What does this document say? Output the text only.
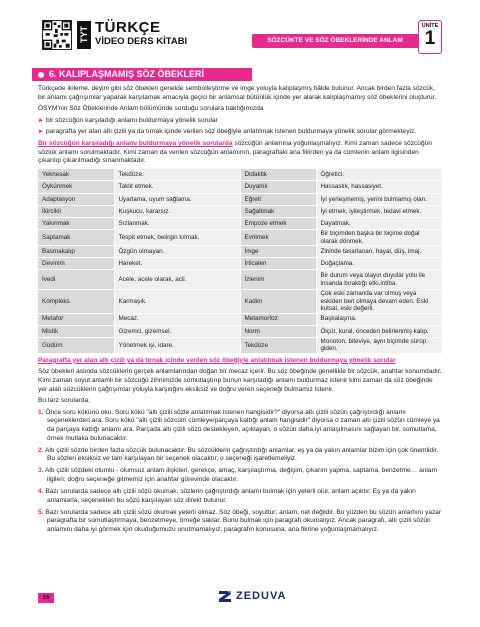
TYT TÜRKÇE
VİDEO DERS KİTABI	SÖZCÜKTE VE SÖZ ÖBEKLERİNDE ANLAM
ÜNİTE
1
6. KALIPLAŞMAMIŞ SÖZ ÖBEKLERİ

Türkçede ikileme, deyim gibi söz öbekleri genelde sembolleştirme ve imge yoluyla kalıplaşmış hâlde bulunur. Ancak birden fazla sözcük, bir anlamı çağrışımlar yaparak karşılamak amacıyla geçici bir anlamsal bütünlük içinde yer alarak kalıplaşmamış söz öbeklerini oluşturur.

ÖSYM'nin Söz Öbeklerinde Anlam bölümünde sorduğu sorulara baktığımızda

► bir sözcüğün karşıladığı anlamı buldurmaya yönelik sorular

► paragrafta yer alan altı çizili ya da tırnak içinde verilen söz öbeğiyle anlatılmak istenen buldurmaya yönelik sorular görmekteyiz.

Bir sözcüğün karşıladığı anlamı buldurmaya yönelik sorularda sözcüğün anlamına yoğunlaşmalıyız. Kimi zaman sadece sözcüğün sözlük anlamı sorulmaktadır. Kimi zaman da verilen sözcüğün anlamının, paragraftaki ana fikirden ya da cümlenin anlam ilgisinden çıkarılıp çıkarılmadığı sınanmaktadır.

Yeknesak	Tekdüze.	Didaktik	Öğretici.
Öykünmek	Taklit etmek.	Duyarlık	Hassaslık, hassasiyet.
Adaptasyon	Uyarlama, uyum sağlama.	Eğreti	İyi yerleşmemiş, yerini bulmamış olan.
İkircikli	Kuşkucu, kararsız.	Sağaltmak	İyi etmek, iyileştirmek, tedavi etmek.
Yakınmak	Sızlanmak.	Empoze etmek	Dayatmak.
Saptamak	Tespit etmek, belirgin kılmak.	Evrilmek	Bir biçimden başka bir biçime doğal olarak dönmek.
Basmakalıp	Özgün olmayan.	İmge	Zihinde tasarlanan, hayal, düş, imaj.
Devinim	Hareket.	İrticalen	Doğaçlama.
İvedi	Acele, acele olarak, acil.	İzlenim	Bir durum veya olayın duyular yolu ile insanda bıraktığı etki,intiba.
Kompleks	Karmaşık.	Kadim	Çok eski zamanda var olmuş veya eskiden beri olmaya devam eden. Eski kutsal, eski değerli.
Metafor	Mecaz.	Metamorfoz	Başkalaşma.
Mistik	Gizemci, gizemsel.	Norm	Ölçüt, kural, önceden belirlenmiş kalıp.
Güdüm	Yönetmek işi, idare.	Tekdüze	Monoton, biteviye, aynı biçimde sürüp giden.

Paragrafta yer alan altı çizili ya da tırnak içinde verilen söz öbeğiyle anlatılmak istenen buldurmaya yönelik sorular

Söz öbekleri aslında sözcüklerin gerçek anlamlarından doğan bir mecaz içerir. Bu söz öbeğinde genellikle bir sözcük, anahtar konumdadır. Kimi zaman soyut anlamlı bir sözcüğü zihnimizde somutlaştırıp bunun karşıladığı anlamı buldurmaz istenir kimi zaman da söz öbeğinde yer alan sözcüklerin çağrışımlar yoluyla karşılığını eksiksiz ve doğru veren seçeneği bulmamız istenir.

Bu tarz sorularda;

1. Önce soru kökünü oku. Soru kökü "altı çizili sözle anlatılmak istenen hangisidir?" diyorsa altı çizili sözün çağrıştırdığı anlamı seçeneklerden ara. Soru kökü "altı çizili sözcüm cümleye/parçaya kattığı anlam hangisidir" diyorsa o zaman altı çizili sözün cümleye ya da parçaya kattığı anlamı ara. Parçada altı çizili sözü destekleyen, açıklayan, o sözün daha iyi anlaşılmasını sağlayan bir, somutlama, örnek mutlaka bulunacaktır.
2. Altı çizili sözde birden fazla sözcük bulunacaktır. Bu sözcüklerin çağrıştırdığı anlamlar, eş ya da yakın anlamlar bizim için çok önemlidir. Bu sözleri eksiksiz ve tam karşılayan bir seçenek olacaktır, o seçeneği işaretlemeliyiz.
3. Altı çizili sözdeki olumlu - olumsuz anlam ilişkileri, gerekçe, amaç, karşılaştırma, değişim, çıkarım yapma, saptama, benzetme… anlam ilgileri; doğru seçeneğe gitmemiz için anahtar görevinde olacaktır.
4. Bazı sorularda sadece altı çizili sözü okumak, sözlerin çağrıştırdığı anlamı bulmak için yeterli olur, anlam açıktır. Eş ya da yakın anlamlarla, seçenekten bu sözü karşılayan söz direkt bulunur.
5. Bazı sorularda sadece altı çizili sözü okumak yeterli olmaz. Söz öbeği, soyuttur; anlam, net değildir. Bu yüzden bu sözün anlamını yazar paragrafta bir somutlaştırmaya, benzetmeye, örneğe saklar. Bunu bulmak için paragrafı okumalıyız. Ancak paragrafı, altı çizili sözün anlamını daha iyi görmek için okuduğumuzu unutmamalıyız; paragrafın konusuna, ana fikrine yoğunlaşmamalıyız.
16	ZEDUVA
